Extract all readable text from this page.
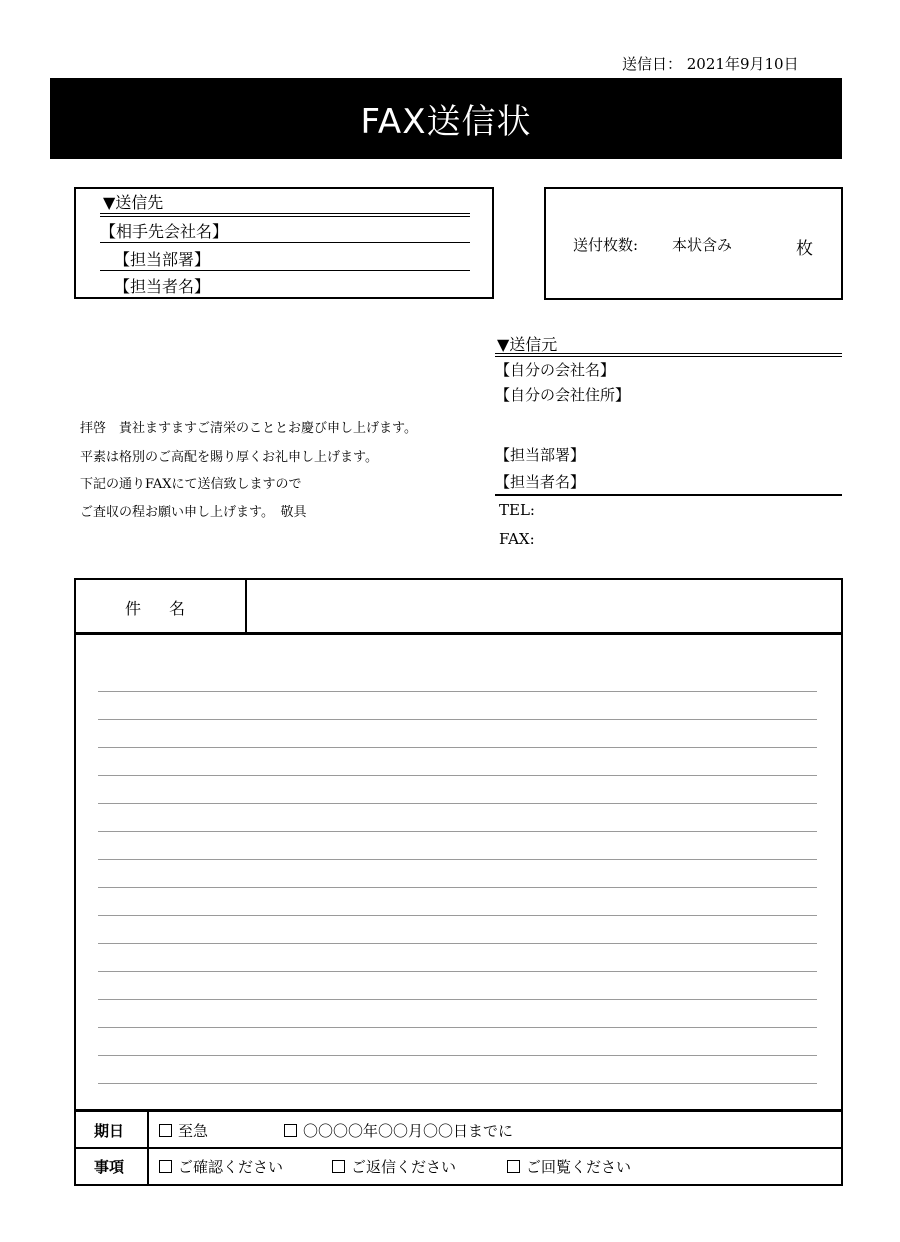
送信日： 2021年9月10日
FAX送信状
▼送信先
【相手先会社名】
【担当部署】
【担当者名】
送付枚数: 本状含み	枚
▼送信元
【自分の会社名】
【自分の会社住所】
【担当部署】
【担当者名】
TEL:
FAX:
拝啓　貴社ますますご清栄のこととお慶び申し上げます。
平素は格別のご高配を賜り厚くお礼申し上げます。
下記の通りFAXにて送信致しますので
ご査収の程お願い申し上げます。　敬具
件名
期日	至急	〇〇〇〇年〇〇月〇〇日までに
事項	ご確認ください	ご返信ください	ご回覧ください
